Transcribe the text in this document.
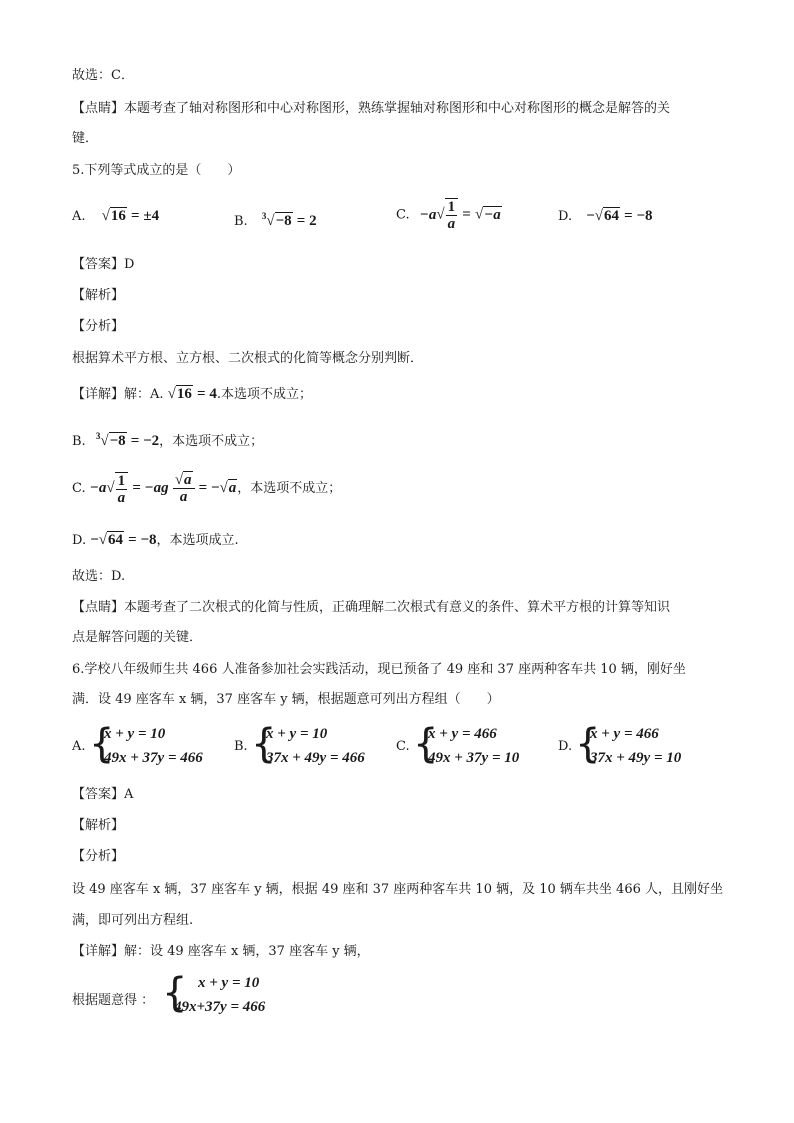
故选：C．
【点睛】本题考查了轴对称图形和中心对称图形，熟练掌握轴对称图形和中心对称图形的概念是解答的关
键．
5.下列等式成立的是（　　）
A. √16 = ±4	B. $^3$√−8 = 2	C. $-a√ \frac{1}{a} = √-a$	D. −√64 = −8
【答案】D
【解析】
【分析】
根据算术平方根、立方根、二次根式的化简等概念分别判断．
【详解】解：A. √16 = 4.本选项不成立；
B. $^3$√−8 = −2，本选项不成立；
C. $-a√ \frac{1}{a} = -ag \frac{√a}{a} = -√a$，本选项不成立；
D. −√64 = −8，本选项成立.
故选：D.
【点睛】本题考查了二次根式的化简与性质，正确理解二次根式有意义的条件、算术平方根的计算等知识
点是解答问题的关键．
6.学校八年级师生共 466 人准备参加社会实践活动，现已预备了 49 座和 37 座两种客车共 10 辆，刚好坐
满．设 49 座客车 x 辆，37 座客车 y 辆，根据题意可列出方程组（　　）
A. {
x + y = 10
49x + 37y = 466
B. {
x + y = 10
37x + 49y = 466
C. {
x + y = 466
49x + 37y = 10
D. {
x + y = 466
37x + 49y = 10
【答案】A
【解析】
【分析】
设 49 座客车 x 辆，37 座客车 y 辆，根据 49 座和 37 座两种客车共 10 辆，及 10 辆车共坐 466 人，且刚好坐
满，即可列出方程组.
【详解】解：设 49 座客车 x 辆，37 座客车 y 辆，
根据题意得 ： { x + y = 10
49x+37y = 466
